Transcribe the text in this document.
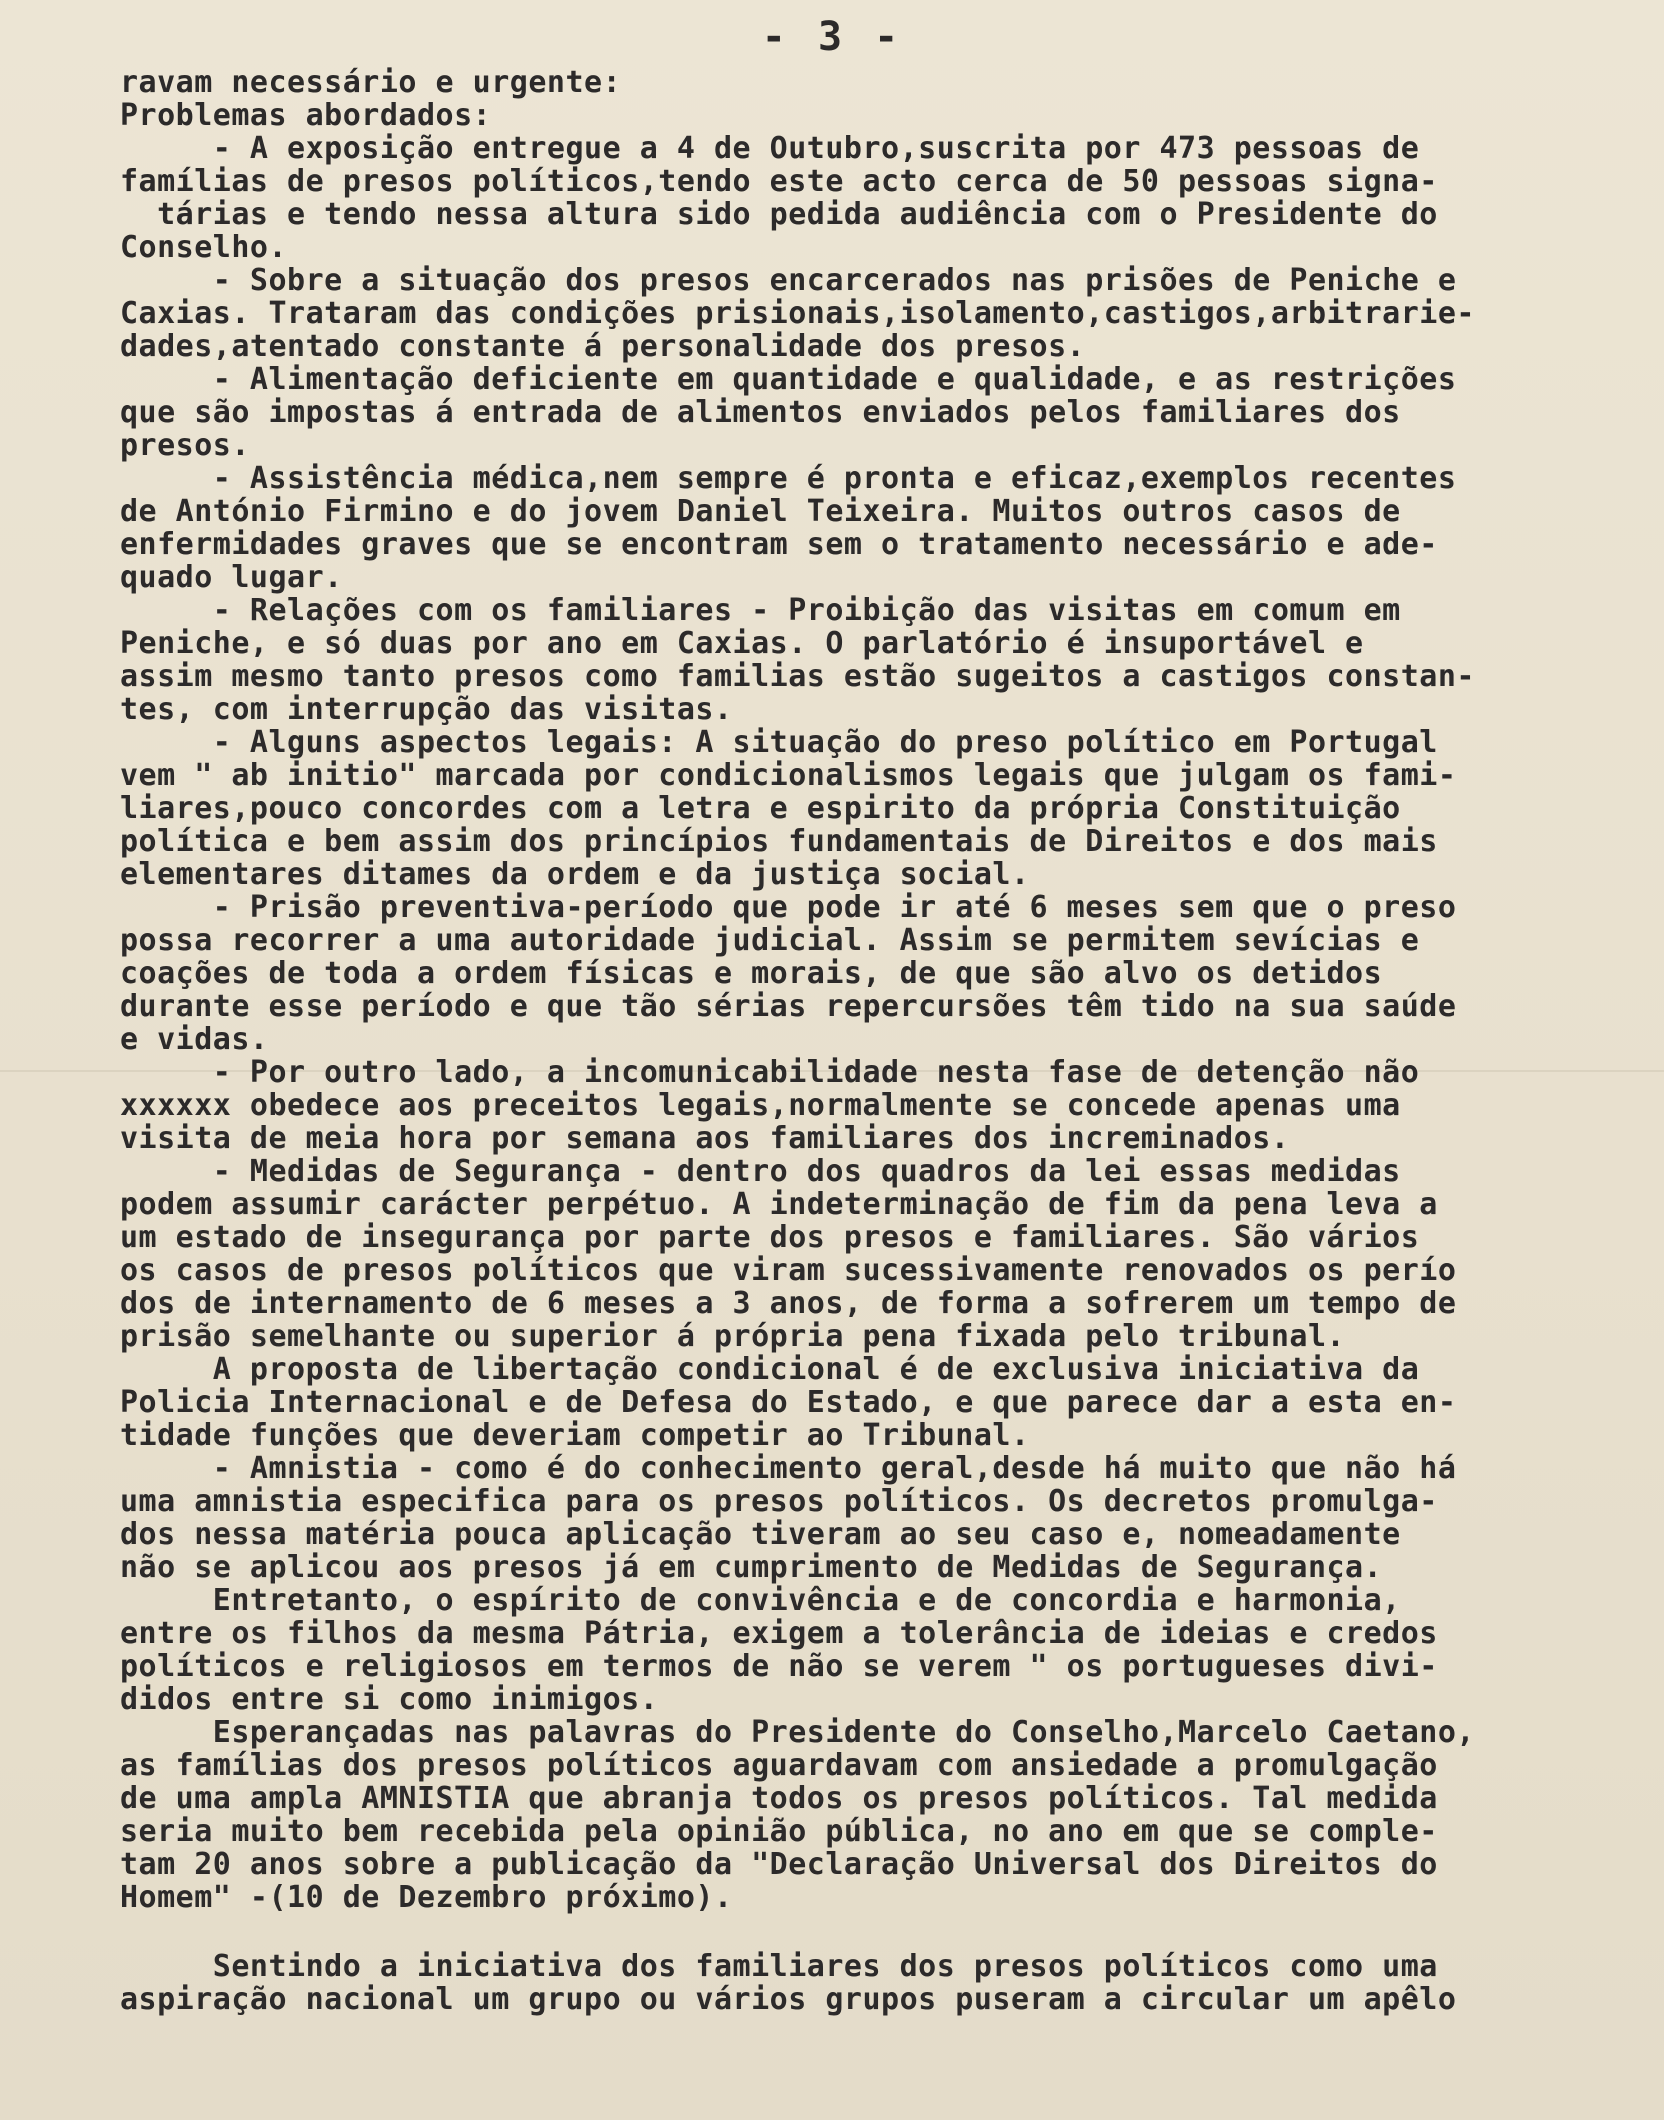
- 3 -
ravam necessário e urgente:
Problemas abordados:
- A exposição entregue a 4 de Outubro,suscrita por 473 pessoas de
famílias de presos políticos,tendo este acto cerca de 50 pessoas signa-
tárias e tendo nessa altura sido pedida audiência com o Presidente do
Conselho.
- Sobre a situação dos presos encarcerados nas prisões de Peniche e
Caxias. Trataram das condições prisionais,isolamento,castigos,arbitrarie-
dades,atentado constante á personalidade dos presos.
- Alimentação deficiente em quantidade e qualidade, e as restrições
que são impostas á entrada de alimentos enviados pelos familiares dos
presos.
- Assistência médica,nem sempre é pronta e eficaz,exemplos recentes
de António Firmino e do jovem Daniel Teixeira. Muitos outros casos de
enfermidades graves que se encontram sem o tratamento necessário e ade-
quado lugar.
- Relações com os familiares - Proibição das visitas em comum em
Peniche, e só duas por ano em Caxias. O parlatório é insuportável e
assim mesmo tanto presos como familias estão sugeitos a castigos constan-
tes, com interrupção das visitas.
- Alguns aspectos legais: A situação do preso político em Portugal
vem " ab initio" marcada por condicionalismos legais que julgam os fami-
liares,pouco concordes com a letra e espirito da própria Constituição
política e bem assim dos princípios fundamentais de Direitos e dos mais
elementares ditames da ordem e da justiça social.
- Prisão preventiva-período que pode ir até 6 meses sem que o preso
possa recorrer a uma autoridade judicial. Assim se permitem sevícias e
coações de toda a ordem físicas e morais, de que são alvo os detidos
durante esse período e que tão sérias repercursões têm tido na sua saúde
e vidas.
- Por outro lado, a incomunicabilidade nesta fase de detenção não
xxxxxx obedece aos preceitos legais,normalmente se concede apenas uma
visita de meia hora por semana aos familiares dos increminados.
- Medidas de Segurança - dentro dos quadros da lei essas medidas
podem assumir carácter perpétuo. A indeterminação de fim da pena leva a
um estado de insegurança por parte dos presos e familiares. São vários
os casos de presos políticos que viram sucessivamente renovados os perío
dos de internamento de 6 meses a 3 anos, de forma a sofrerem um tempo de
prisão semelhante ou superior á própria pena fixada pelo tribunal.
A proposta de libertação condicional é de exclusiva iniciativa da
Policia Internacional e de Defesa do Estado, e que parece dar a esta en-
tidade funções que deveriam competir ao Tribunal.
- Amnistia - como é do conhecimento geral,desde há muito que não há
uma amnistia especifica para os presos políticos. Os decretos promulga-
dos nessa matéria pouca aplicação tiveram ao seu caso e, nomeadamente
não se aplicou aos presos já em cumprimento de Medidas de Segurança.
Entretanto, o espírito de convivência e de concordia e harmonia,
entre os filhos da mesma Pátria, exigem a tolerância de ideias e credos
políticos e religiosos em termos de não se verem " os portugueses divi-
didos entre si como inimigos.
Esperançadas nas palavras do Presidente do Conselho,Marcelo Caetano,
as famílias dos presos políticos aguardavam com ansiedade a promulgação
de uma ampla AMNISTIA que abranja todos os presos políticos. Tal medida
seria muito bem recebida pela opinião pública, no ano em que se comple-
tam 20 anos sobre a publicação da "Declaração Universal dos Direitos do
Homem" -(10 de Dezembro próximo).
Sentindo a iniciativa dos familiares dos presos políticos como uma
aspiração nacional um grupo ou vários grupos puseram a circular um apêlo
